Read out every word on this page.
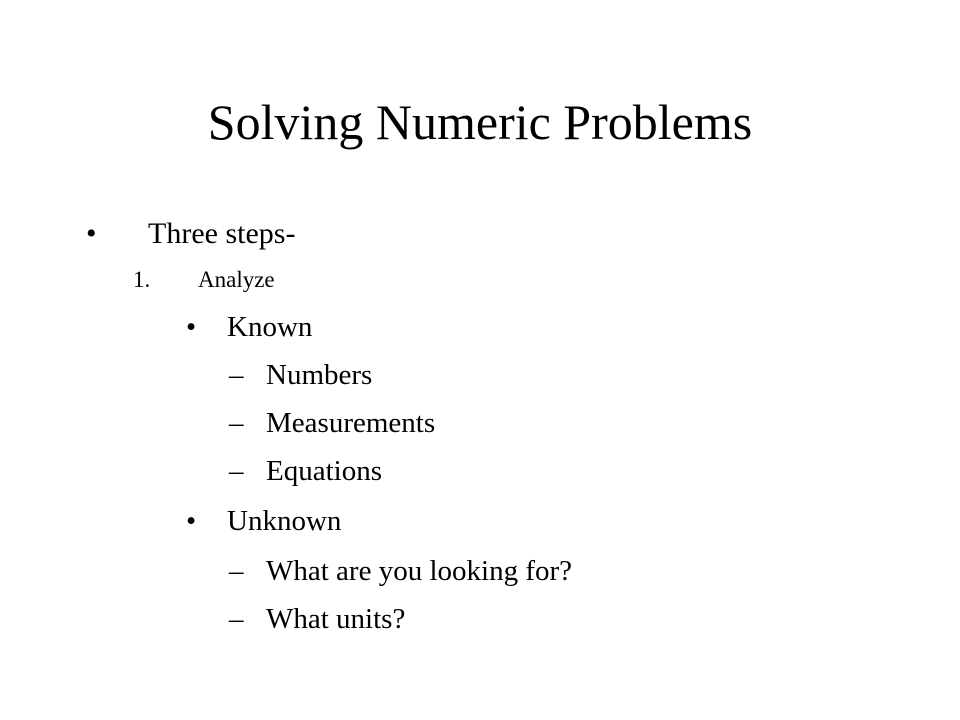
Solving Numeric Problems
• Three steps-
1. Analyze
• Known
– Numbers
– Measurements
– Equations
• Unknown
– What are you looking for?
– What units?
